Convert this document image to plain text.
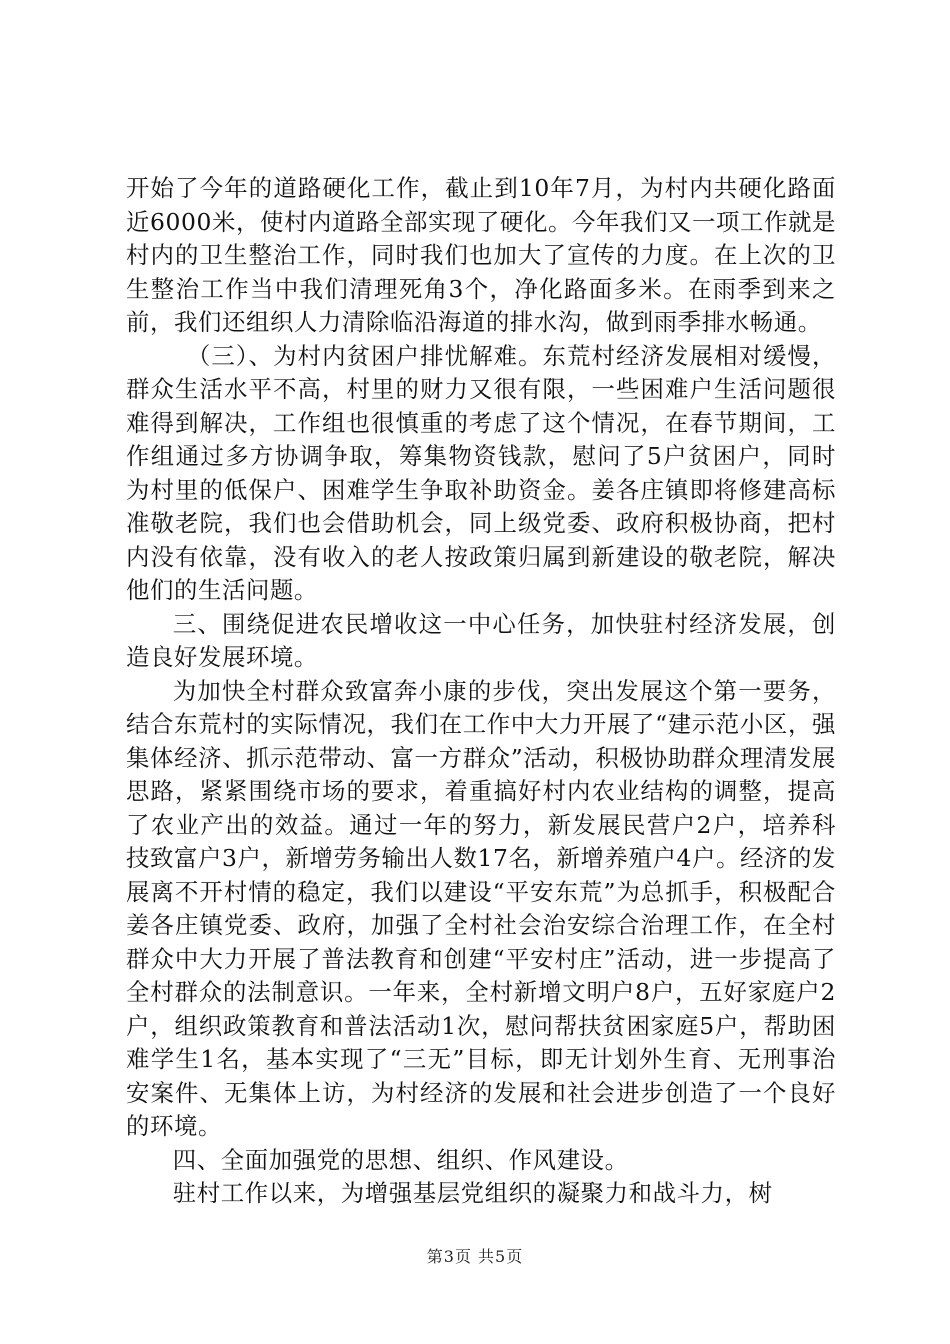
开始了今年的道路硬化工作，截止到10年7月，为村内共硬化路面近6000米，使村内道路全部实现了硬化。今年我们又一项工作就是村内的卫生整治工作，同时我们也加大了宣传的力度。在上次的卫生整治工作当中我们清理死角3个，净化路面多米。在雨季到来之前，我们还组织人力清除临沿海道的排水沟，做到雨季排水畅通。

（三）、为村内贫困户排忧解难。东荒村经济发展相对缓慢，群众生活水平不高，村里的财力又很有限，一些困难户生活问题很难得到解决，工作组也很慎重的考虑了这个情况，在春节期间，工作组通过多方协调争取，筹集物资钱款，慰问了5户贫困户，同时为村里的低保户、困难学生争取补助资金。姜各庄镇即将修建高标准敬老院，我们也会借助机会，同上级党委、政府积极协商，把村内没有依靠，没有收入的老人按政策归属到新建设的敬老院，解决他们的生活问题。

三、围绕促进农民增收这一中心任务，加快驻村经济发展，创造良好发展环境。

为加快全村群众致富奔小康的步伐，突出发展这个第一要务，结合东荒村的实际情况，我们在工作中大力开展了“建示范小区，强集体经济、抓示范带动、富一方群众”活动，积极协助群众理清发展思路，紧紧围绕市场的要求，着重搞好村内农业结构的调整，提高了农业产出的效益。通过一年的努力，新发展民营户2户，培养科技致富户3户，新增劳务输出人数17名，新增养殖户4户。经济的发展离不开村情的稳定，我们以建设“平安东荒”为总抓手，积极配合姜各庄镇党委、政府，加强了全村社会治安综合治理工作，在全村群众中大力开展了普法教育和创建“平安村庄”活动，进一步提高了全村群众的法制意识。一年来，全村新增文明户8户，五好家庭户2户，组织政策教育和普法活动1次，慰问帮扶贫困家庭5户，帮助困难学生1名，基本实现了“三无”目标，即无计划外生育、无刑事治安案件、无集体上访，为村经济的发展和社会进步创造了一个良好的环境。

四、全面加强党的思想、组织、作风建设。

驻村工作以来，为增强基层党组织的凝聚力和战斗力，树

第3页 共5页
